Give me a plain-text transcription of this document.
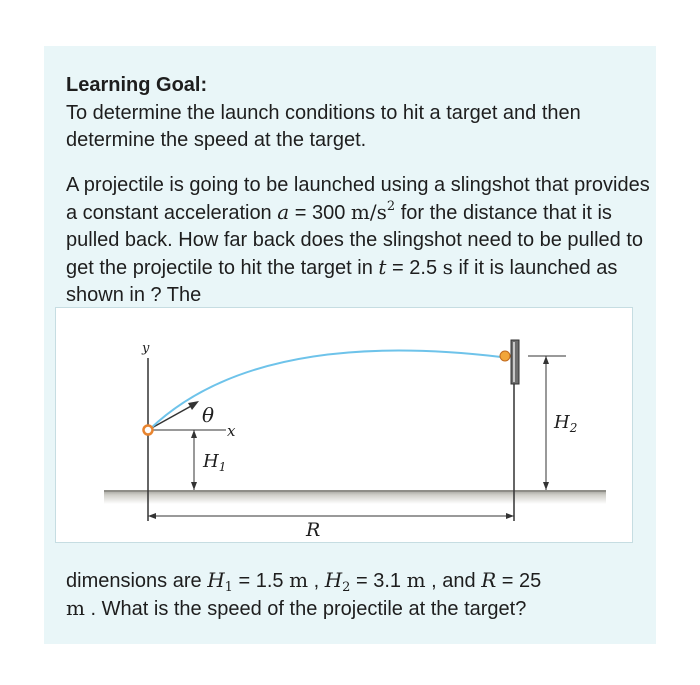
Learning Goal:
To determine the launch conditions to hit a target and then determine the speed at the target.
A projectile is going to be launched using a slingshot that provides a constant acceleration a = 300 $m/s^2$ for the distance that it is pulled back. How far back does the slingshot need to be pulled to get the projectile to hit the target in t = 2.5 s if it is launched as shown in ? The
y
x
θ
$H_1$
$H_2$
R
dimensions are $H_1 = 1.5$ m , $H_2 = 3.1$ m , and R = 25
m . What is the speed of the projectile at the target?
